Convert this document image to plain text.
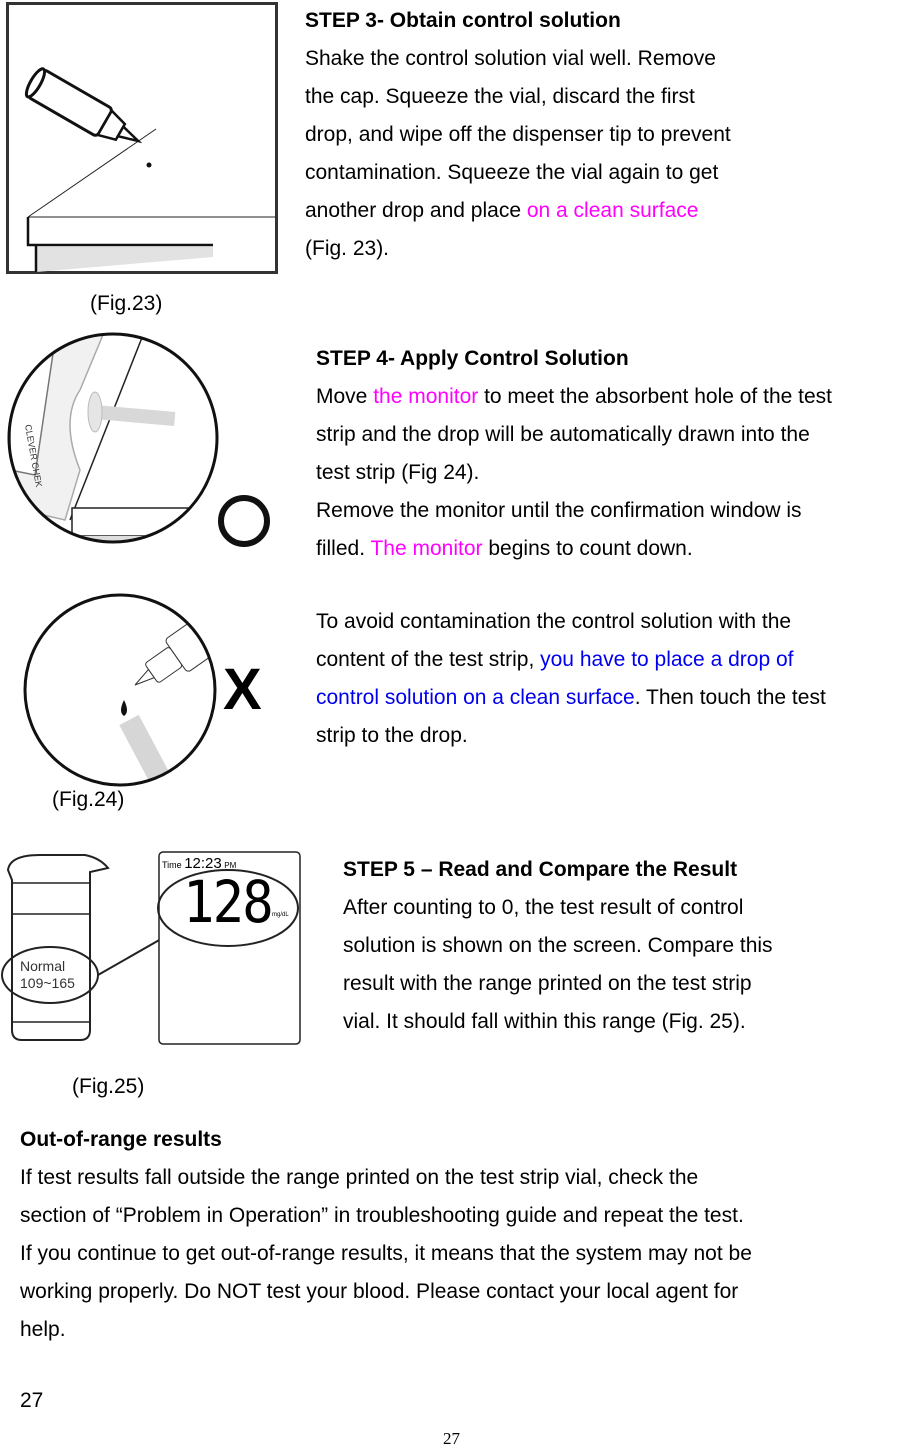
(Fig.23)
STEP 3- Obtain control solution
Shake the control solution vial well. Remove
the cap. Squeeze the vial, discard the first
drop, and wipe off the dispenser tip to prevent
contamination. Squeeze the vial again to get
another drop and place on a clean surface
(Fig. 23).
CLEVER CHEK
STEP 4- Apply Control Solution
Move the monitor to meet the absorbent hole of the test
strip and the drop will be automatically drawn into the
test strip (Fig 24).
Remove the monitor until the confirmation window is
filled. The monitor begins to count down.
To avoid contamination the control solution with the
content of the test strip, you have to place a drop of
control solution on a clean surface. Then touch the test
strip to the drop.
X
(Fig.24)
Normal
109~165
Time 12:23 PM
128 mg/dL
(Fig.25)
STEP 5 – Read and Compare the Result
After counting to 0, the test result of control
solution is shown on the screen. Compare this
result with the range printed on the test strip
vial. It should fall within this range (Fig. 25).
Out-of-range results
If test results fall outside the range printed on the test strip vial, check the
section of “Problem in Operation” in troubleshooting guide and repeat the test.
If you continue to get out-of-range results, it means that the system may not be
working properly. Do NOT test your blood. Please contact your local agent for
help.
27
27
